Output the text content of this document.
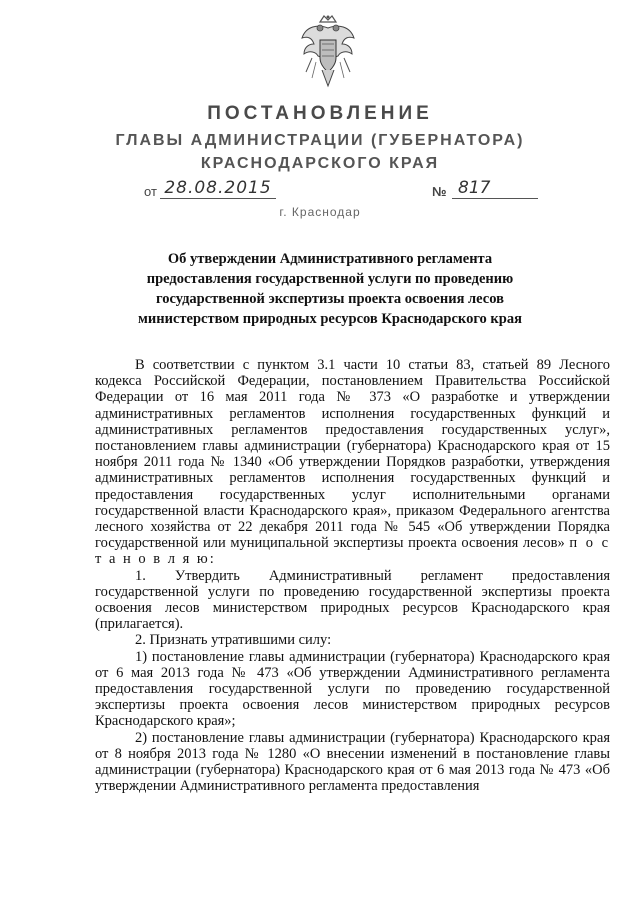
ПОСТАНОВЛЕНИЕ
ГЛАВЫ АДМИНИСТРАЦИИ (ГУБЕРНАТОРА)
КРАСНОДАРСКОГО КРАЯ
от 28.08.2015	№ 817
г. Краснодар
Об утверждении Административного регламента
предоставления государственной услуги по проведению
государственной экспертизы проекта освоения лесов
министерством природных ресурсов Краснодарского края

В соответствии с пунктом 3.1 части 10 статьи 83, статьей 89 Лесного кодекса Российской Федерации, постановлением Правительства Российской Федерации от 16 мая 2011 года № 373 «О разработке и утверждении административных регламентов исполнения государственных функций и административных регламентов предоставления государственных услуг», постановлением главы администрации (губернатора) Краснодарского края от 15 ноября 2011 года № 1340 «Об утверждении Порядков разработки, утверждения административных регламентов исполнения государственных функций и предоставления государственных услуг исполнительными органами государственной власти Краснодарского края», приказом Федерального агентства лесного хозяйства от 22 декабря 2011 года № 545 «Об утверждении Порядка государственной или муниципальной экспертизы проекта освоения лесов» п о с т а н о в л я ю:

1. Утвердить Административный регламент предоставления государственной услуги по проведению государственной экспертизы проекта освоения лесов министерством природных ресурсов Краснодарского края (прилагается).

2. Признать утратившими силу:

1) постановление главы администрации (губернатора) Краснодарского края от 6 мая 2013 года № 473 «Об утверждении Административного регламента предоставления государственной услуги по проведению государственной экспертизы проекта освоения лесов министерством природных ресурсов Краснодарского края»;

2) постановление главы администрации (губернатора) Краснодарского края от 8 ноября 2013 года № 1280 «О внесении изменений в постановление главы администрации (губернатора) Краснодарского края от 6 мая 2013 года № 473 «Об утверждении Административного регламента предоставления
